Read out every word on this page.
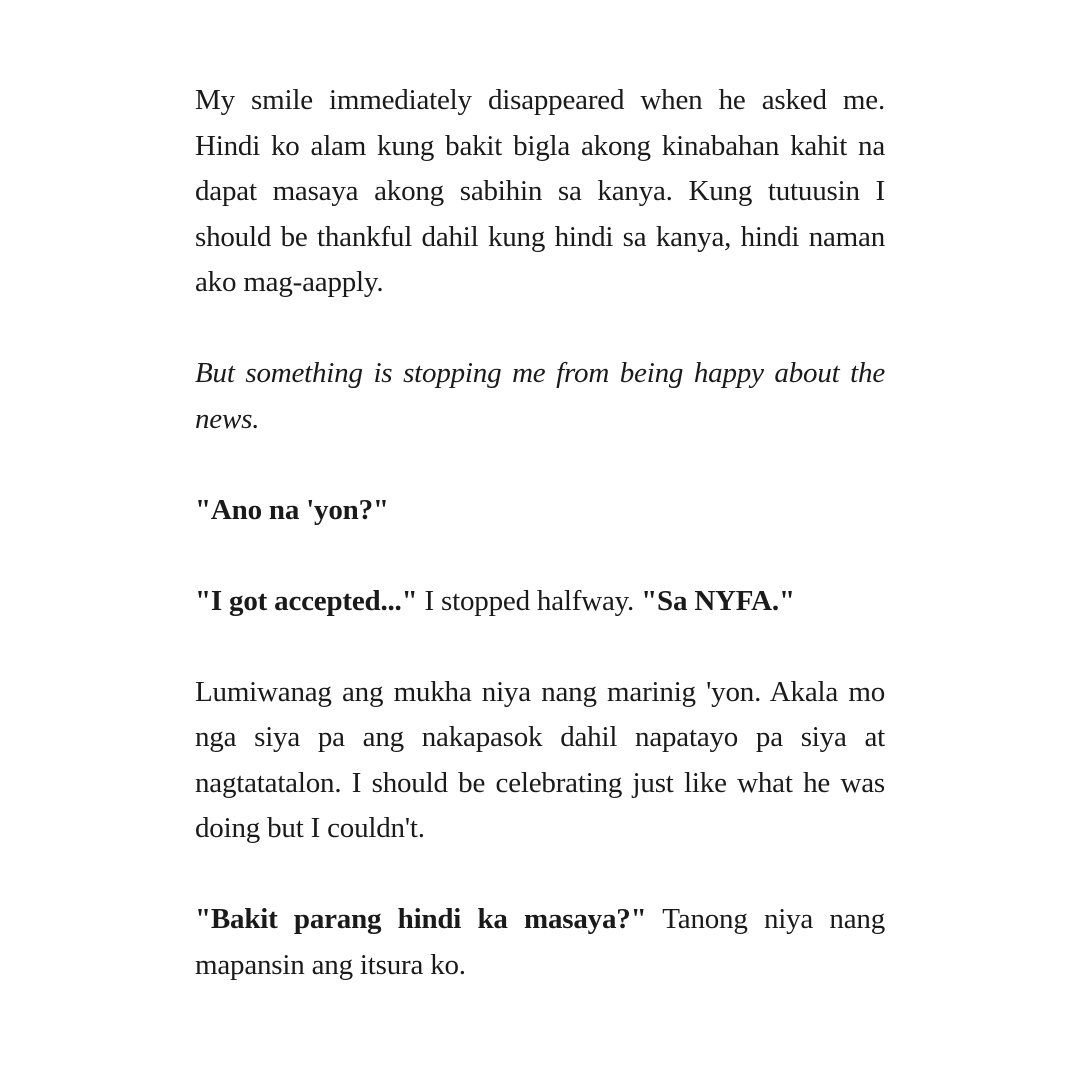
My smile immediately disappeared when he asked me. Hindi ko alam kung bakit bigla akong kinabahan kahit na dapat masaya akong sabihin sa kanya. Kung tutuusin I should be thankful dahil kung hindi sa kanya, hindi naman ako mag-aapply.

But something is stopping me from being happy about the news.

"Ano na 'yon?"

"I got accepted..." I stopped halfway. "Sa NYFA."

Lumiwanag ang mukha niya nang marinig 'yon. Akala mo nga siya pa ang nakapasok dahil napatayo pa siya at nagtatatalon. I should be celebrating just like what he was doing but I couldn't.

"Bakit parang hindi ka masaya?" Tanong niya nang mapansin ang itsura ko.
